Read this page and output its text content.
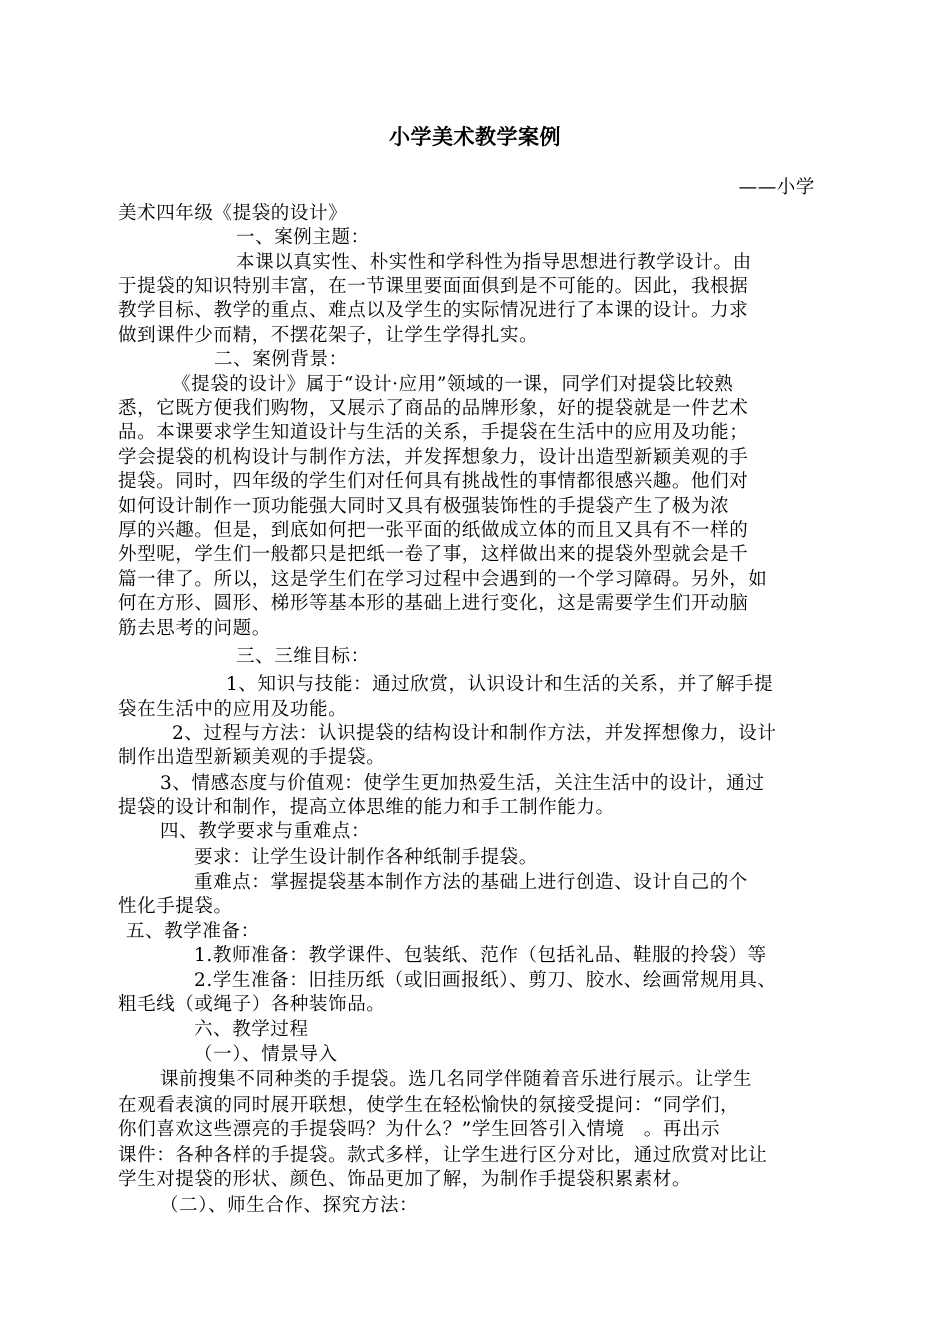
小学美术教学案例
——小学
美术四年级《提袋的设计》
一、案例主题：
本课以真实性、朴实性和学科性为指导思想进行教学设计。由
于提袋的知识特别丰富，在一节课里要面面俱到是不可能的。因此，我根据
教学目标、教学的重点、难点以及学生的实际情况进行了本课的设计。力求
做到课件少而精，不摆花架子，让学生学得扎实。
二、案例背景：
《提袋的设计》属于“设计·应用”领域的一课，同学们对提袋比较熟
悉，它既方便我们购物，又展示了商品的品牌形象，好的提袋就是一件艺术
品。本课要求学生知道设计与生活的关系，手提袋在生活中的应用及功能；
学会提袋的机构设计与制作方法，并发挥想象力，设计出造型新颖美观的手
提袋。同时，四年级的学生们对任何具有挑战性的事情都很感兴趣。他们对
如何设计制作一顶功能强大同时又具有极强装饰性的手提袋产生了极为浓
厚的兴趣。但是，到底如何把一张平面的纸做成立体的而且又具有不一样的
外型呢，学生们一般都只是把纸一卷了事，这样做出来的提袋外型就会是千
篇一律了。所以，这是学生们在学习过程中会遇到的一个学习障碍。另外，如
何在方形、圆形、梯形等基本形的基础上进行变化，这是需要学生们开动脑
筋去思考的问题。
三、三维目标：
1、知识与技能：通过欣赏，认识设计和生活的关系，并了解手提
袋在生活中的应用及功能。
2、过程与方法：认识提袋的结构设计和制作方法，并发挥想像力，设计
制作出造型新颖美观的手提袋。
3、情感态度与价值观：使学生更加热爱生活，关注生活中的设计，通过
提袋的设计和制作，提高立体思维的能力和手工制作能力。
四、教学要求与重难点：
要求：让学生设计制作各种纸制手提袋。
重难点：掌握提袋基本制作方法的基础上进行创造、设计自己的个
性化手提袋。
五、教学准备：
1.教师准备：教学课件、包装纸、范作（包括礼品、鞋服的拎袋）等
2.学生准备：旧挂历纸（或旧画报纸）、剪刀、胶水、绘画常规用具、
粗毛线（或绳子）各种装饰品。
六、教学过程
（一）、情景导入
课前搜集不同种类的手提袋。选几名同学伴随着音乐进行展示。让学生
在观看表演的同时展开联想，使学生在轻松愉快的氛接受提问：“同学们，
你们喜欢这些漂亮的手提袋吗？为什么？”学生回答引入情境　。再出示
课件：各种各样的手提袋。款式多样，让学生进行区分对比，通过欣赏对比让
学生对提袋的形状、颜色、饰品更加了解，为制作手提袋积累素材。
（二）、师生合作、探究方法：
